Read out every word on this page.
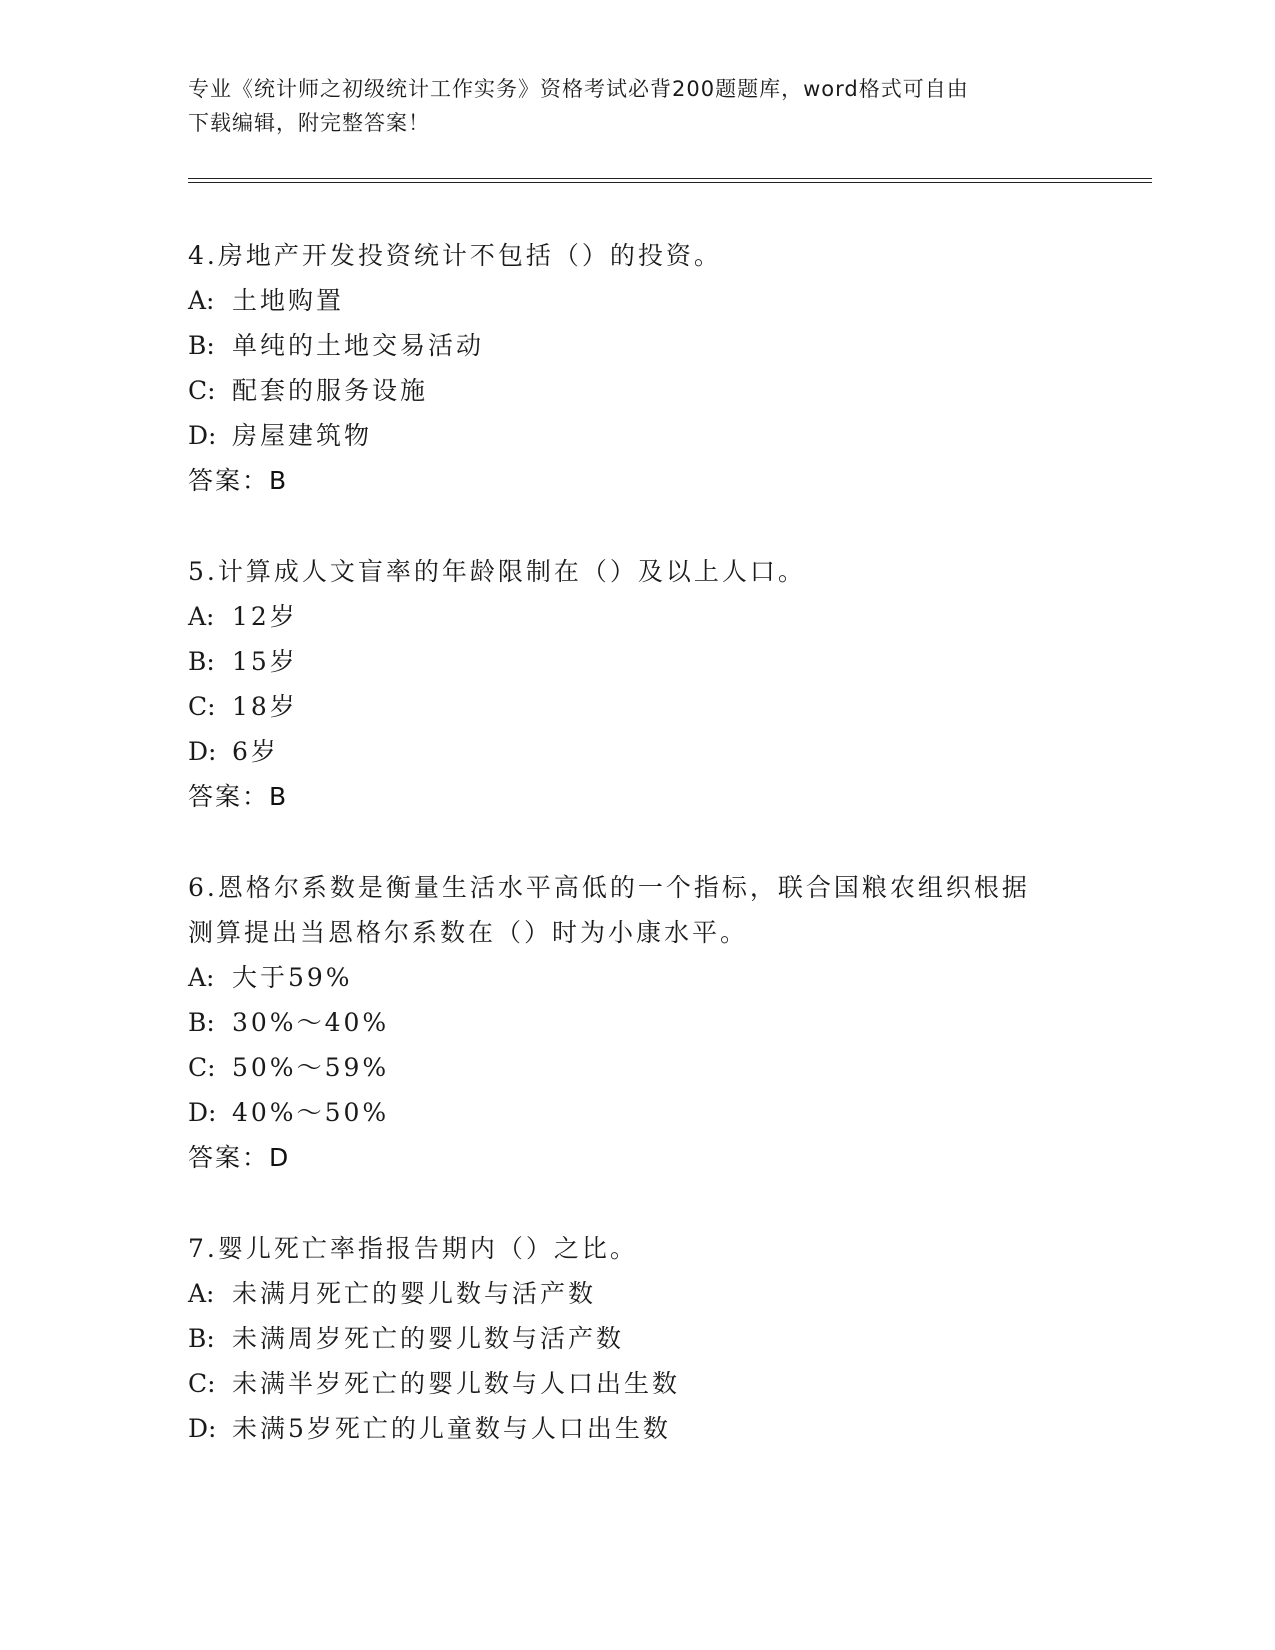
专业《统计师之初级统计工作实务》资格考试必背200题题库，word格式可自由
下载编辑，附完整答案！
4.房地产开发投资统计不包括（）的投资。
A: 土地购置
B: 单纯的土地交易活动
C: 配套的服务设施
D: 房屋建筑物
答案：B
5.计算成人文盲率的年龄限制在（）及以上人口。
A: 12岁
B: 15岁
C: 18岁
D: 6岁
答案：B
6.恩格尔系数是衡量生活水平高低的一个指标，联合国粮农组织根据
测算提出当恩格尔系数在（）时为小康水平。
A: 大于59%
B: 30%～40%
C: 50%～59%
D: 40%～50%
答案：D
7.婴儿死亡率指报告期内（）之比。
A: 未满月死亡的婴儿数与活产数
B: 未满周岁死亡的婴儿数与活产数
C: 未满半岁死亡的婴儿数与人口出生数
D: 未满5岁死亡的儿童数与人口出生数
